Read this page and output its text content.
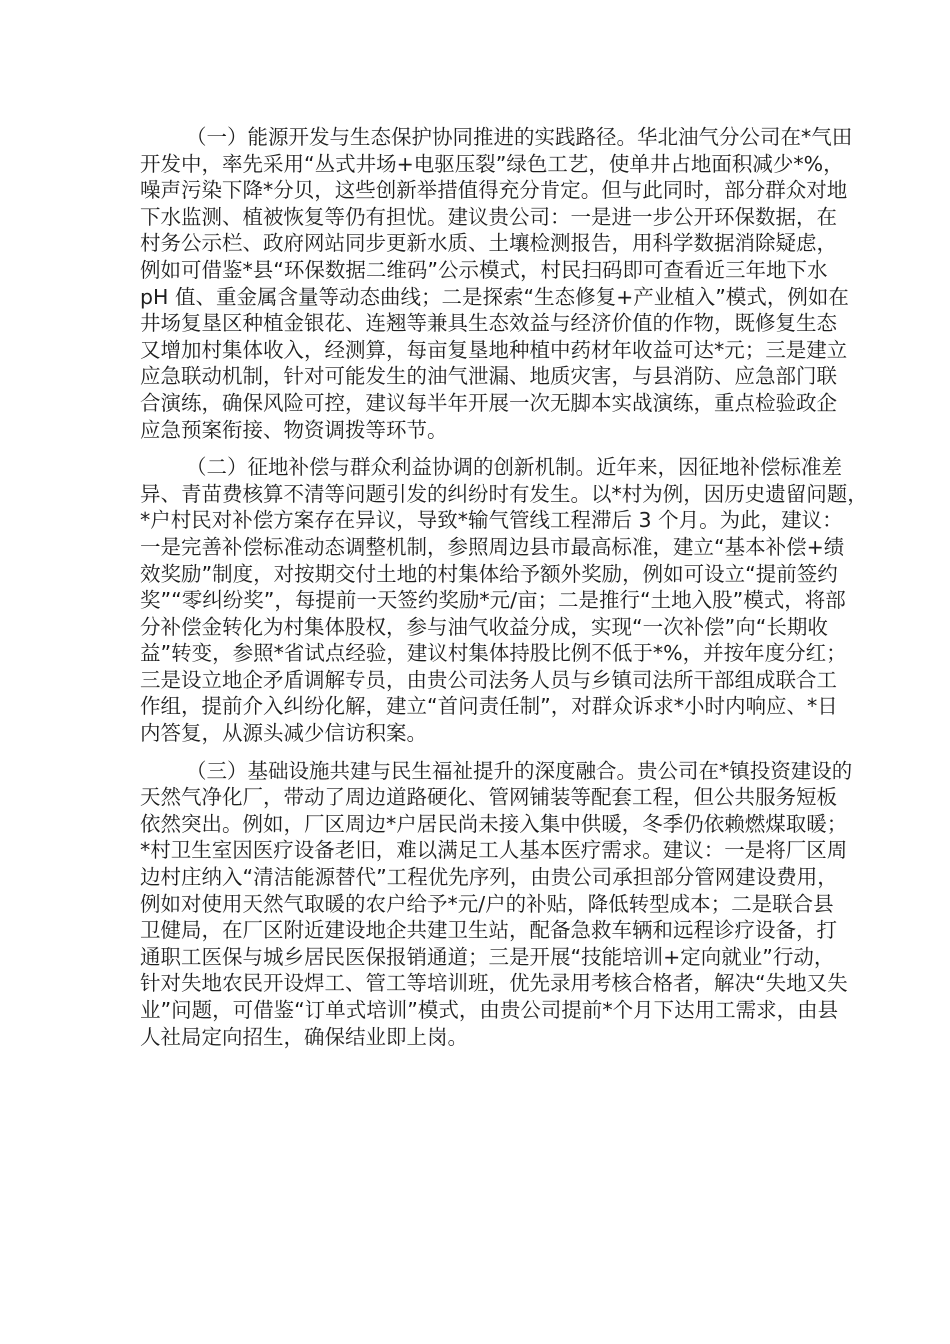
（一）能源开发与生态保护协同推进的实践路径。华北油气分公司在*气田
开发中，率先采用“丛式井场+电驱压裂”绿色工艺，使单井占地面积减少*%，
噪声污染下降*分贝，这些创新举措值得充分肯定。但与此同时，部分群众对地
下水监测、植被恢复等仍有担忧。建议贵公司：一是进一步公开环保数据，在
村务公示栏、政府网站同步更新水质、土壤检测报告，用科学数据消除疑虑，
例如可借鉴*县“环保数据二维码”公示模式，村民扫码即可查看近三年地下水
pH 值、重金属含量等动态曲线；二是探索“生态修复+产业植入”模式，例如在
井场复垦区种植金银花、连翘等兼具生态效益与经济价值的作物，既修复生态
又增加村集体收入，经测算，每亩复垦地种植中药材年收益可达*元；三是建立
应急联动机制，针对可能发生的油气泄漏、地质灾害，与县消防、应急部门联
合演练，确保风险可控，建议每半年开展一次无脚本实战演练，重点检验政企
应急预案衔接、物资调拨等环节。
（二）征地补偿与群众利益协调的创新机制。近年来，因征地补偿标准差
异、青苗费核算不清等问题引发的纠纷时有发生。以*村为例，因历史遗留问题，
*户村民对补偿方案存在异议，导致*输气管线工程滞后 3 个月。为此，建议：
一是完善补偿标准动态调整机制，参照周边县市最高标准，建立“基本补偿+绩
效奖励”制度，对按期交付土地的村集体给予额外奖励，例如可设立“提前签约
奖”“零纠纷奖”，每提前一天签约奖励*元/亩；二是推行“土地入股”模式，将部
分补偿金转化为村集体股权，参与油气收益分成，实现“一次补偿”向“长期收
益”转变，参照*省试点经验，建议村集体持股比例不低于*%，并按年度分红；
三是设立地企矛盾调解专员，由贵公司法务人员与乡镇司法所干部组成联合工
作组，提前介入纠纷化解，建立“首问责任制”，对群众诉求*小时内响应、*日
内答复，从源头减少信访积案。
（三）基础设施共建与民生福祉提升的深度融合。贵公司在*镇投资建设的
天然气净化厂，带动了周边道路硬化、管网铺装等配套工程，但公共服务短板
依然突出。例如，厂区周边*户居民尚未接入集中供暖，冬季仍依赖燃煤取暖；
*村卫生室因医疗设备老旧，难以满足工人基本医疗需求。建议：一是将厂区周
边村庄纳入“清洁能源替代”工程优先序列，由贵公司承担部分管网建设费用，
例如对使用天然气取暖的农户给予*元/户的补贴，降低转型成本；二是联合县
卫健局，在厂区附近建设地企共建卫生站，配备急救车辆和远程诊疗设备，打
通职工医保与城乡居民医保报销通道；三是开展“技能培训+定向就业”行动，
针对失地农民开设焊工、管工等培训班，优先录用考核合格者，解决“失地又失
业”问题，可借鉴“订单式培训”模式，由贵公司提前*个月下达用工需求，由县
人社局定向招生，确保结业即上岗。
